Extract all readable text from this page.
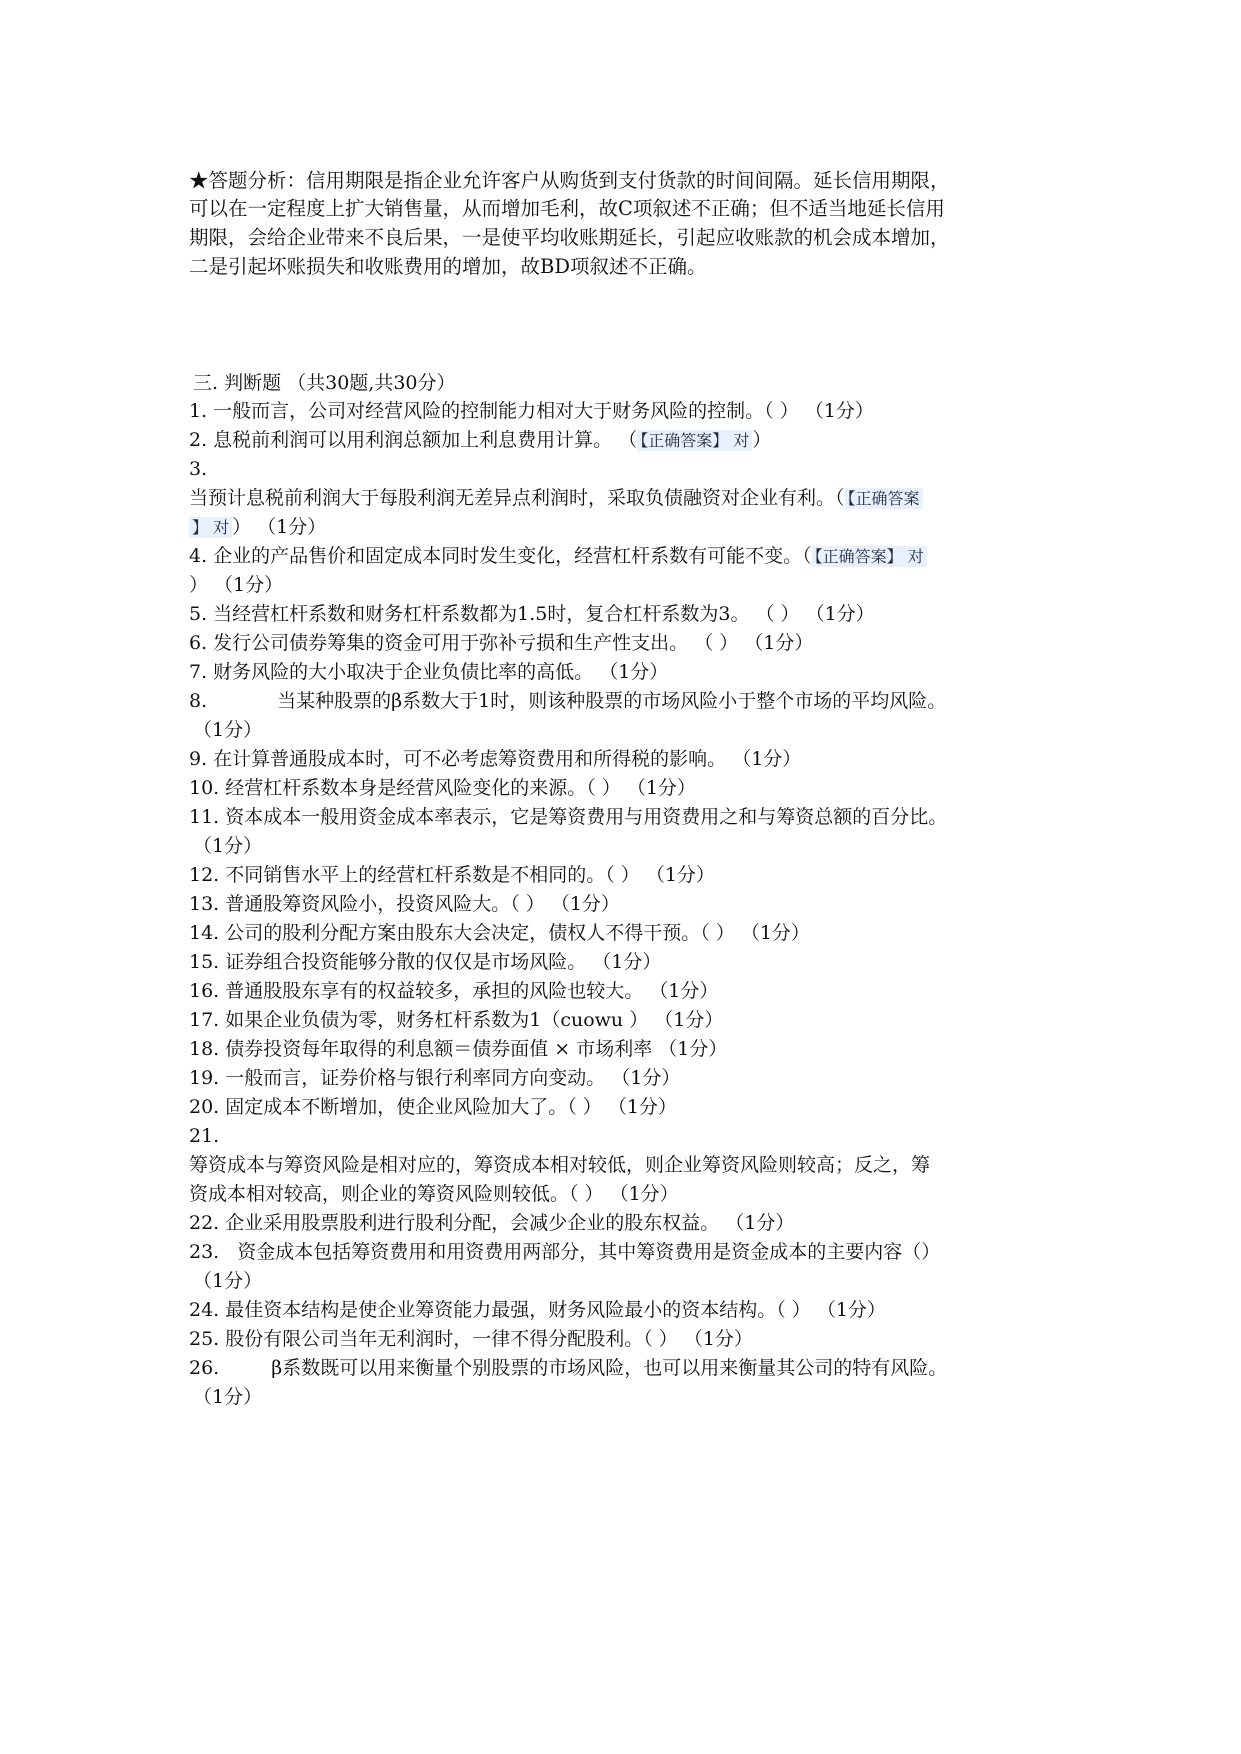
★答题分析：信用期限是指企业允许客户从购货到支付货款的时间间隔。延长信用期限，
可以在一定程度上扩大销售量，从而增加毛利，故C项叙述不正确；但不适当地延长信用
期限，会给企业带来不良后果，一是使平均收账期延长，引起应收账款的机会成本增加，
二是引起坏账损失和收账费用的增加，故BD项叙述不正确。
三. 判断题 （共30题,共30分）
1. 一般而言，公司对经营风险的控制能力相对大于财务风险的控制。（ ） （1分）
2. 息税前利润可以用利润总额加上利息费用计算。 （ 【正确答案】 对 ）
3.
当预计息税前利润大于每股利润无差异点利润时，采取负债融资对企业有利。（ 【正确答案
】 对 ） （1分）
4. 企业的产品售价和固定成本同时发生变化，经营杠杆系数有可能不变。（ 【正确答案】 对
） （1分）
5. 当经营杠杆系数和财务杠杆系数都为1.5时，复合杠杆系数为3。 （ ） （1分）
6. 发行公司债券筹集的资金可用于弥补亏损和生产性支出。 （ ） （1分）
7. 财务风险的大小取决于企业负债比率的高低。 （1分）
8.	当某种股票的β系数大于1时，则该种股票的市场风险小于整个市场的平均风险。
（1分）
9. 在计算普通股成本时，可不必考虑筹资费用和所得税的影响。 （1分）
10. 经营杠杆系数本身是经营风险变化的来源。（ ） （1分）
11. 资本成本一般用资金成本率表示，它是筹资费用与用资费用之和与筹资总额的百分比。
（1分）
12. 不同销售水平上的经营杠杆系数是不相同的。（ ） （1分）
13. 普通股筹资风险小，投资风险大。（ ） （1分）
14. 公司的股利分配方案由股东大会决定，债权人不得干预。（ ） （1分）
15. 证券组合投资能够分散的仅仅是市场风险。 （1分）
16. 普通股股东享有的权益较多，承担的风险也较大。 （1分）
17. 如果企业负债为零，财务杠杆系数为1（cuowu ） （1分）
18. 债券投资每年取得的利息额＝债券面值 × 市场利率 （1分）
19. 一般而言，证券价格与银行利率同方向变动。 （1分）
20. 固定成本不断增加，使企业风险加大了。（ ） （1分）
21.
筹资成本与筹资风险是相对应的，筹资成本相对较低，则企业筹资风险则较高；反之，筹
资成本相对较高，则企业的筹资风险则较低。（ ） （1分）
22. 企业采用股票股利进行股利分配，会减少企业的股东权益。 （1分）
23. 资金成本包括筹资费用和用资费用两部分，其中筹资费用是资金成本的主要内容（）
（1分）
24. 最佳资本结构是使企业筹资能力最强，财务风险最小的资本结构。（ ） （1分）
25. 股份有限公司当年无利润时，一律不得分配股利。（ ） （1分）
26.	β系数既可以用来衡量个别股票的市场风险，也可以用来衡量其公司的特有风险。
（1分）
